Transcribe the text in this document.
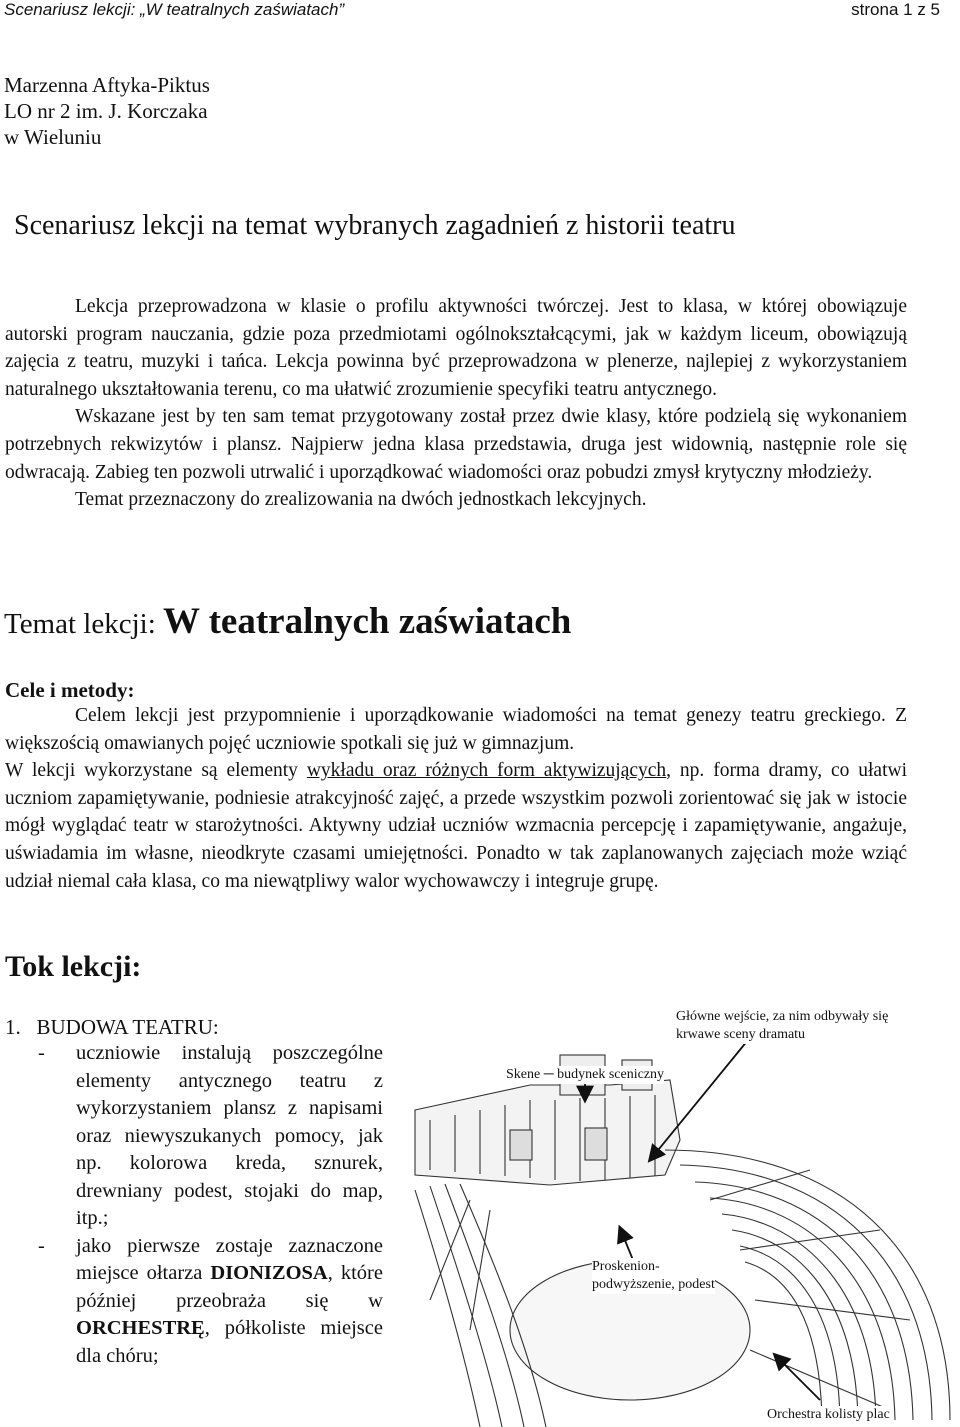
Scenariusz lekcji: „W teatralnych zaświatach”	strona 1 z 5
Marzenna Aftyka-Piktus
LO nr 2 im. J. Korczaka
w Wieluniu
Scenariusz lekcji na temat wybranych zagadnień z historii teatru

Lekcja przeprowadzona w klasie o profilu aktywności twórczej. Jest to klasa, w której obowiązuje autorski program nauczania, gdzie poza przedmiotami ogólnokształcącymi, jak w każdym liceum, obowiązują zajęcia z teatru, muzyki i tańca. Lekcja powinna być przeprowadzona w plenerze, najlepiej z wykorzystaniem naturalnego ukształtowania terenu, co ma ułatwić zrozumienie specyfiki teatru antycznego.

Wskazane jest by ten sam temat przygotowany został przez dwie klasy, które podzielą się wykonaniem potrzebnych rekwizytów i plansz. Najpierw jedna klasa przedstawia, druga jest widownią, następnie role się odwracają. Zabieg ten pozwoli utrwalić i uporządkować wiadomości oraz pobudzi zmysł krytyczny młodzieży.

Temat przeznaczony do zrealizowania na dwóch jednostkach lekcyjnych.

Temat lekcji: W teatralnych zaświatach
Cele i metody:

Celem lekcji jest przypomnienie i uporządkowanie wiadomości na temat genezy teatru greckiego. Z większością omawianych pojęć uczniowie spotkali się już w gimnazjum.

W lekcji wykorzystane są elementy wykładu oraz różnych form aktywizujących, np. forma dramy, co ułatwi uczniom zapamiętywanie, podniesie atrakcyjność zajęć, a przede wszystkim pozwoli zorientować się jak w istocie mógł wyglądać teatr w starożytności. Aktywny udział uczniów wzmacnia percepcję i zapamiętywanie, angażuje, uświadamia im własne, nieodkryte czasami umiejętności. Ponadto w tak zaplanowanych zajęciach może wziąć udział niemal cała klasa, co ma niewątpliwy walor wychowawczy i integruje grupę.

Tok lekcji:
1. BUDOWA TEATRU:
- uczniowie instalują poszczególne elementy antycznego teatru z wykorzystaniem plansz z napisami oraz niewyszukanych pomocy, jak np. kolorowa kreda, sznurek, drewniany podest, stojaki do map, itp.;
- jako pierwsze zostaje zaznaczone miejsce ołtarza DIONIZOSA, które później przeobraża się w ORCHESTRĘ, półkoliste miejsce dla chóru;
Główne wejście, za nim odbywały się krwawe sceny dramatu
Skene ─ budynek sceniczny
Proskenion-
podwyższenie, podest
Orchestra kolisty plac
